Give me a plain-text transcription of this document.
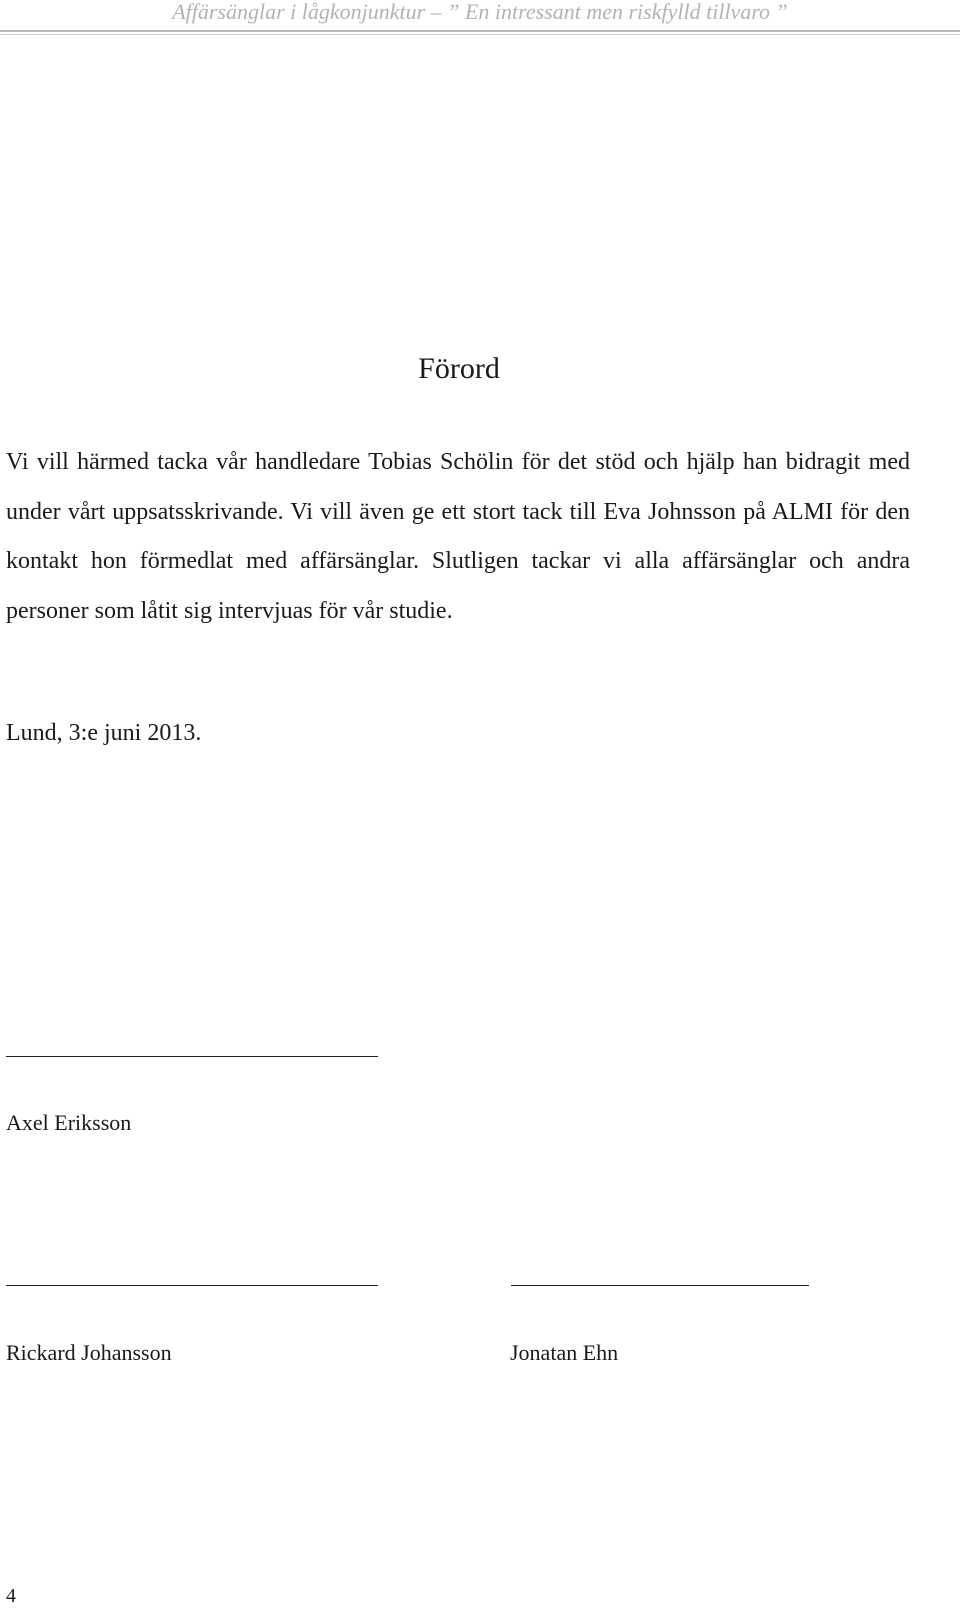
Affärsänglar i lågkonjunktur – ” En intressant men riskfylld tillvaro ”
Förord

Vi vill härmed tacka vår handledare Tobias Schölin för det stöd och hjälp han bidragit med under vårt uppsatsskrivande. Vi vill även ge ett stort tack till Eva Johnsson på ALMI för den kontakt hon förmedlat med affärsänglar. Slutligen tackar vi alla affärsänglar och andra personer som låtit sig intervjuas för vår studie.

Lund, 3:e juni 2013.

Axel Eriksson
Rickard Johansson	Jonatan Ehn
4
